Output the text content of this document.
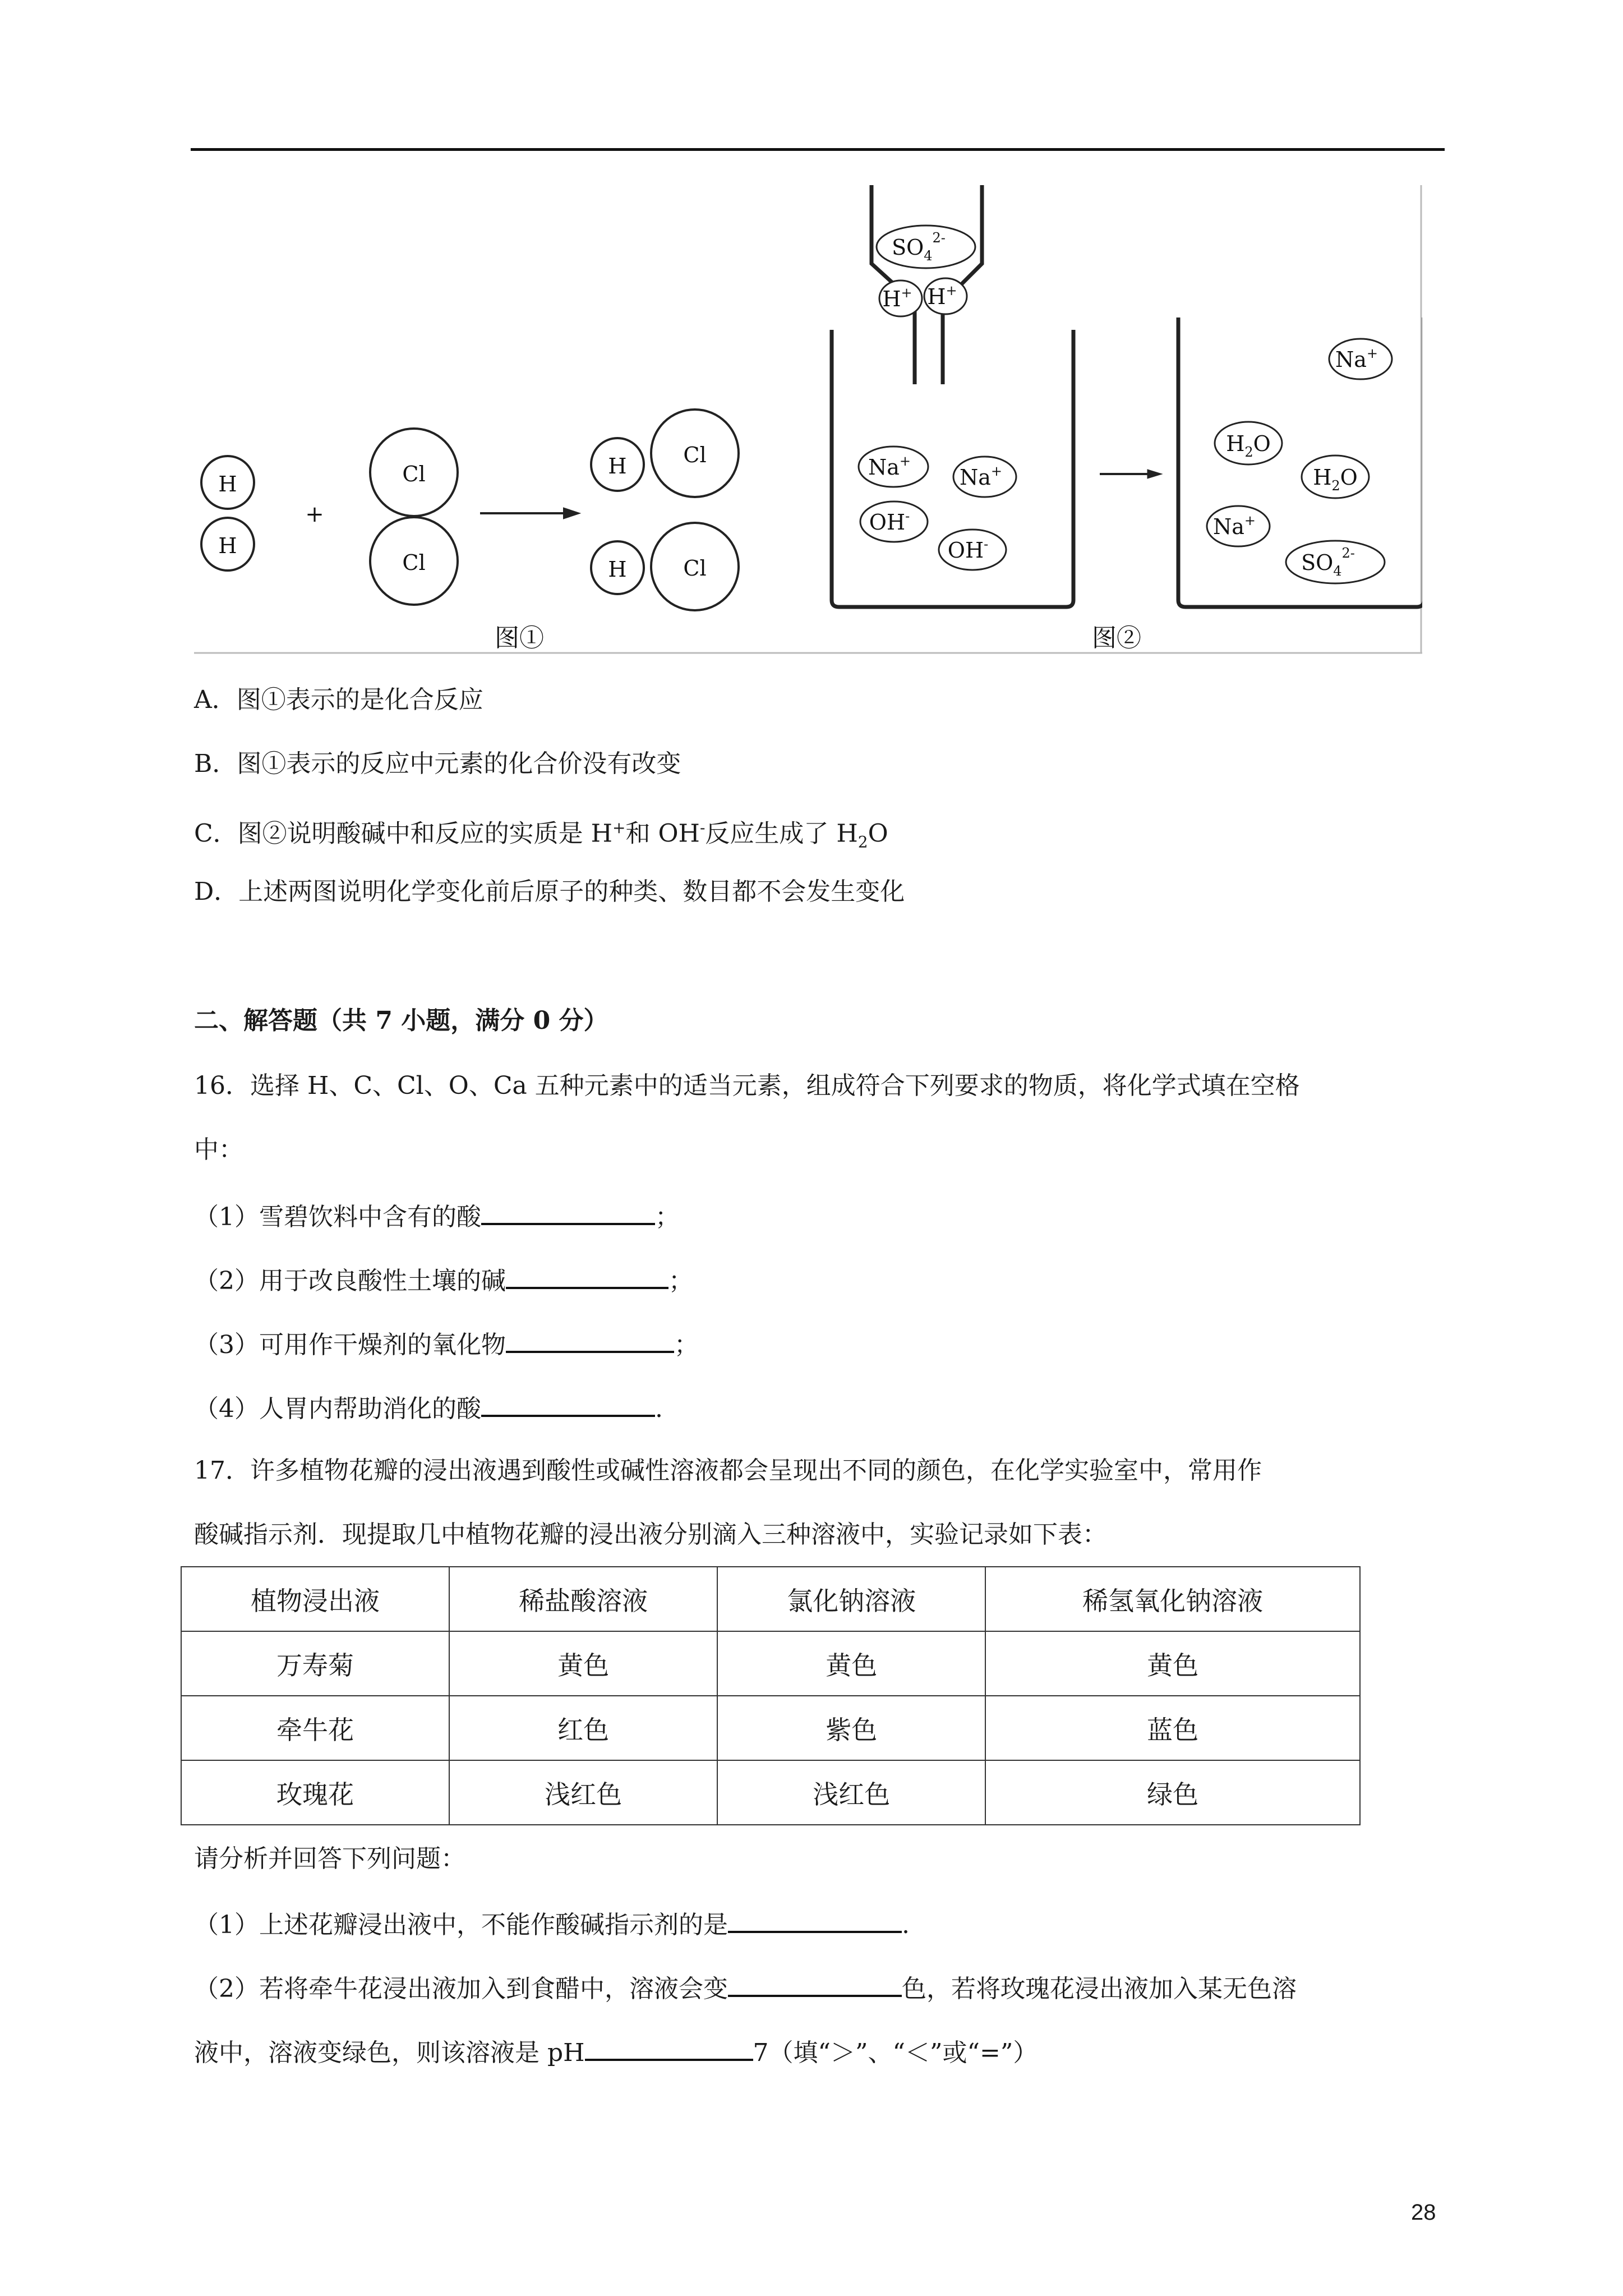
H
H
+
Cl
Cl
H	Cl
H	Cl
图①
$SO_4^{2-}$
H+ H+
Na+
Na+
OH-
OH-
Na+
$H_2O$
$H_2O$
Na+
$SO_4^{2-}$
图②
A．图①表示的是化合反应
B．图①表示的反应中元素的化合价没有改变
C．图②说明酸碱中和反应的实质是 H+和 OH-反应生成了 $H_2O$
D．上述两图说明化学变化前后原子的种类、数目都不会发生变化
二、解答题（共 7 小题，满分 0 分）
16．选择 H、C、Cl、O、Ca 五种元素中的适当元素，组成符合下列要求的物质，将化学式填在空格
中：
（1）雪碧饮料中含有的酸	；
（2）用于改良酸性土壤的碱	；
（3）可用作干燥剂的氧化物	；
（4）人胃内帮助消化的酸	.
17．许多植物花瓣的浸出液遇到酸性或碱性溶液都会呈现出不同的颜色，在化学实验室中，常用作
酸碱指示剂．现提取几中植物花瓣的浸出液分别滴入三种溶液中，实验记录如下表：
植物浸出液	稀盐酸溶液	氯化钠溶液	稀氢氧化钠溶液
万寿菊	黄色	黄色	黄色
牵牛花	红色	紫色	蓝色
玫瑰花	浅红色	浅红色	绿色
请分析并回答下列问题：
（1）上述花瓣浸出液中，不能作酸碱指示剂的是	.
（2）若将牵牛花浸出液加入到食醋中，溶液会变	色，若将玫瑰花浸出液加入某无色溶
液中，溶液变绿色，则该溶液是 pH	7（填“＞”、“＜”或“=”）
28
